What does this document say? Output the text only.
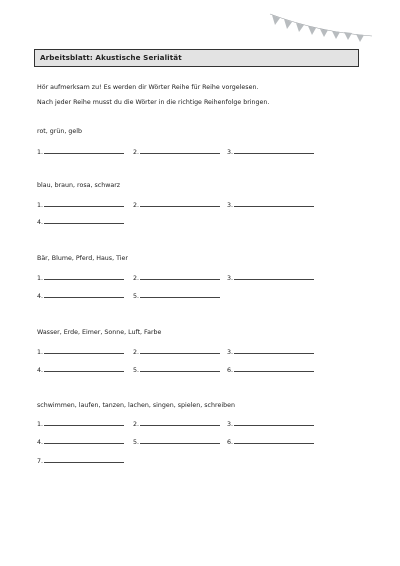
Arbeitsblatt: Akustische Serialität
Hör aufmerksam zu! Es werden dir Wörter Reihe für Reihe vorgelesen.
Nach jeder Reihe musst du die Wörter in die richtige Reihenfolge bringen.
rot, grün, gelb
1.	2.	3.
blau, braun, rosa, schwarz
1.	2.	3.
4.
Bär, Blume, Pferd, Haus, Tier
1.	2.	3.
4.	5.
Wasser, Erde, Eimer, Sonne, Luft, Farbe
1.	2.	3.
4.	5.	6.
schwimmen, laufen, tanzen, lachen, singen, spielen, schreiben
1.	2.	3.
4.	5.	6.
7.
